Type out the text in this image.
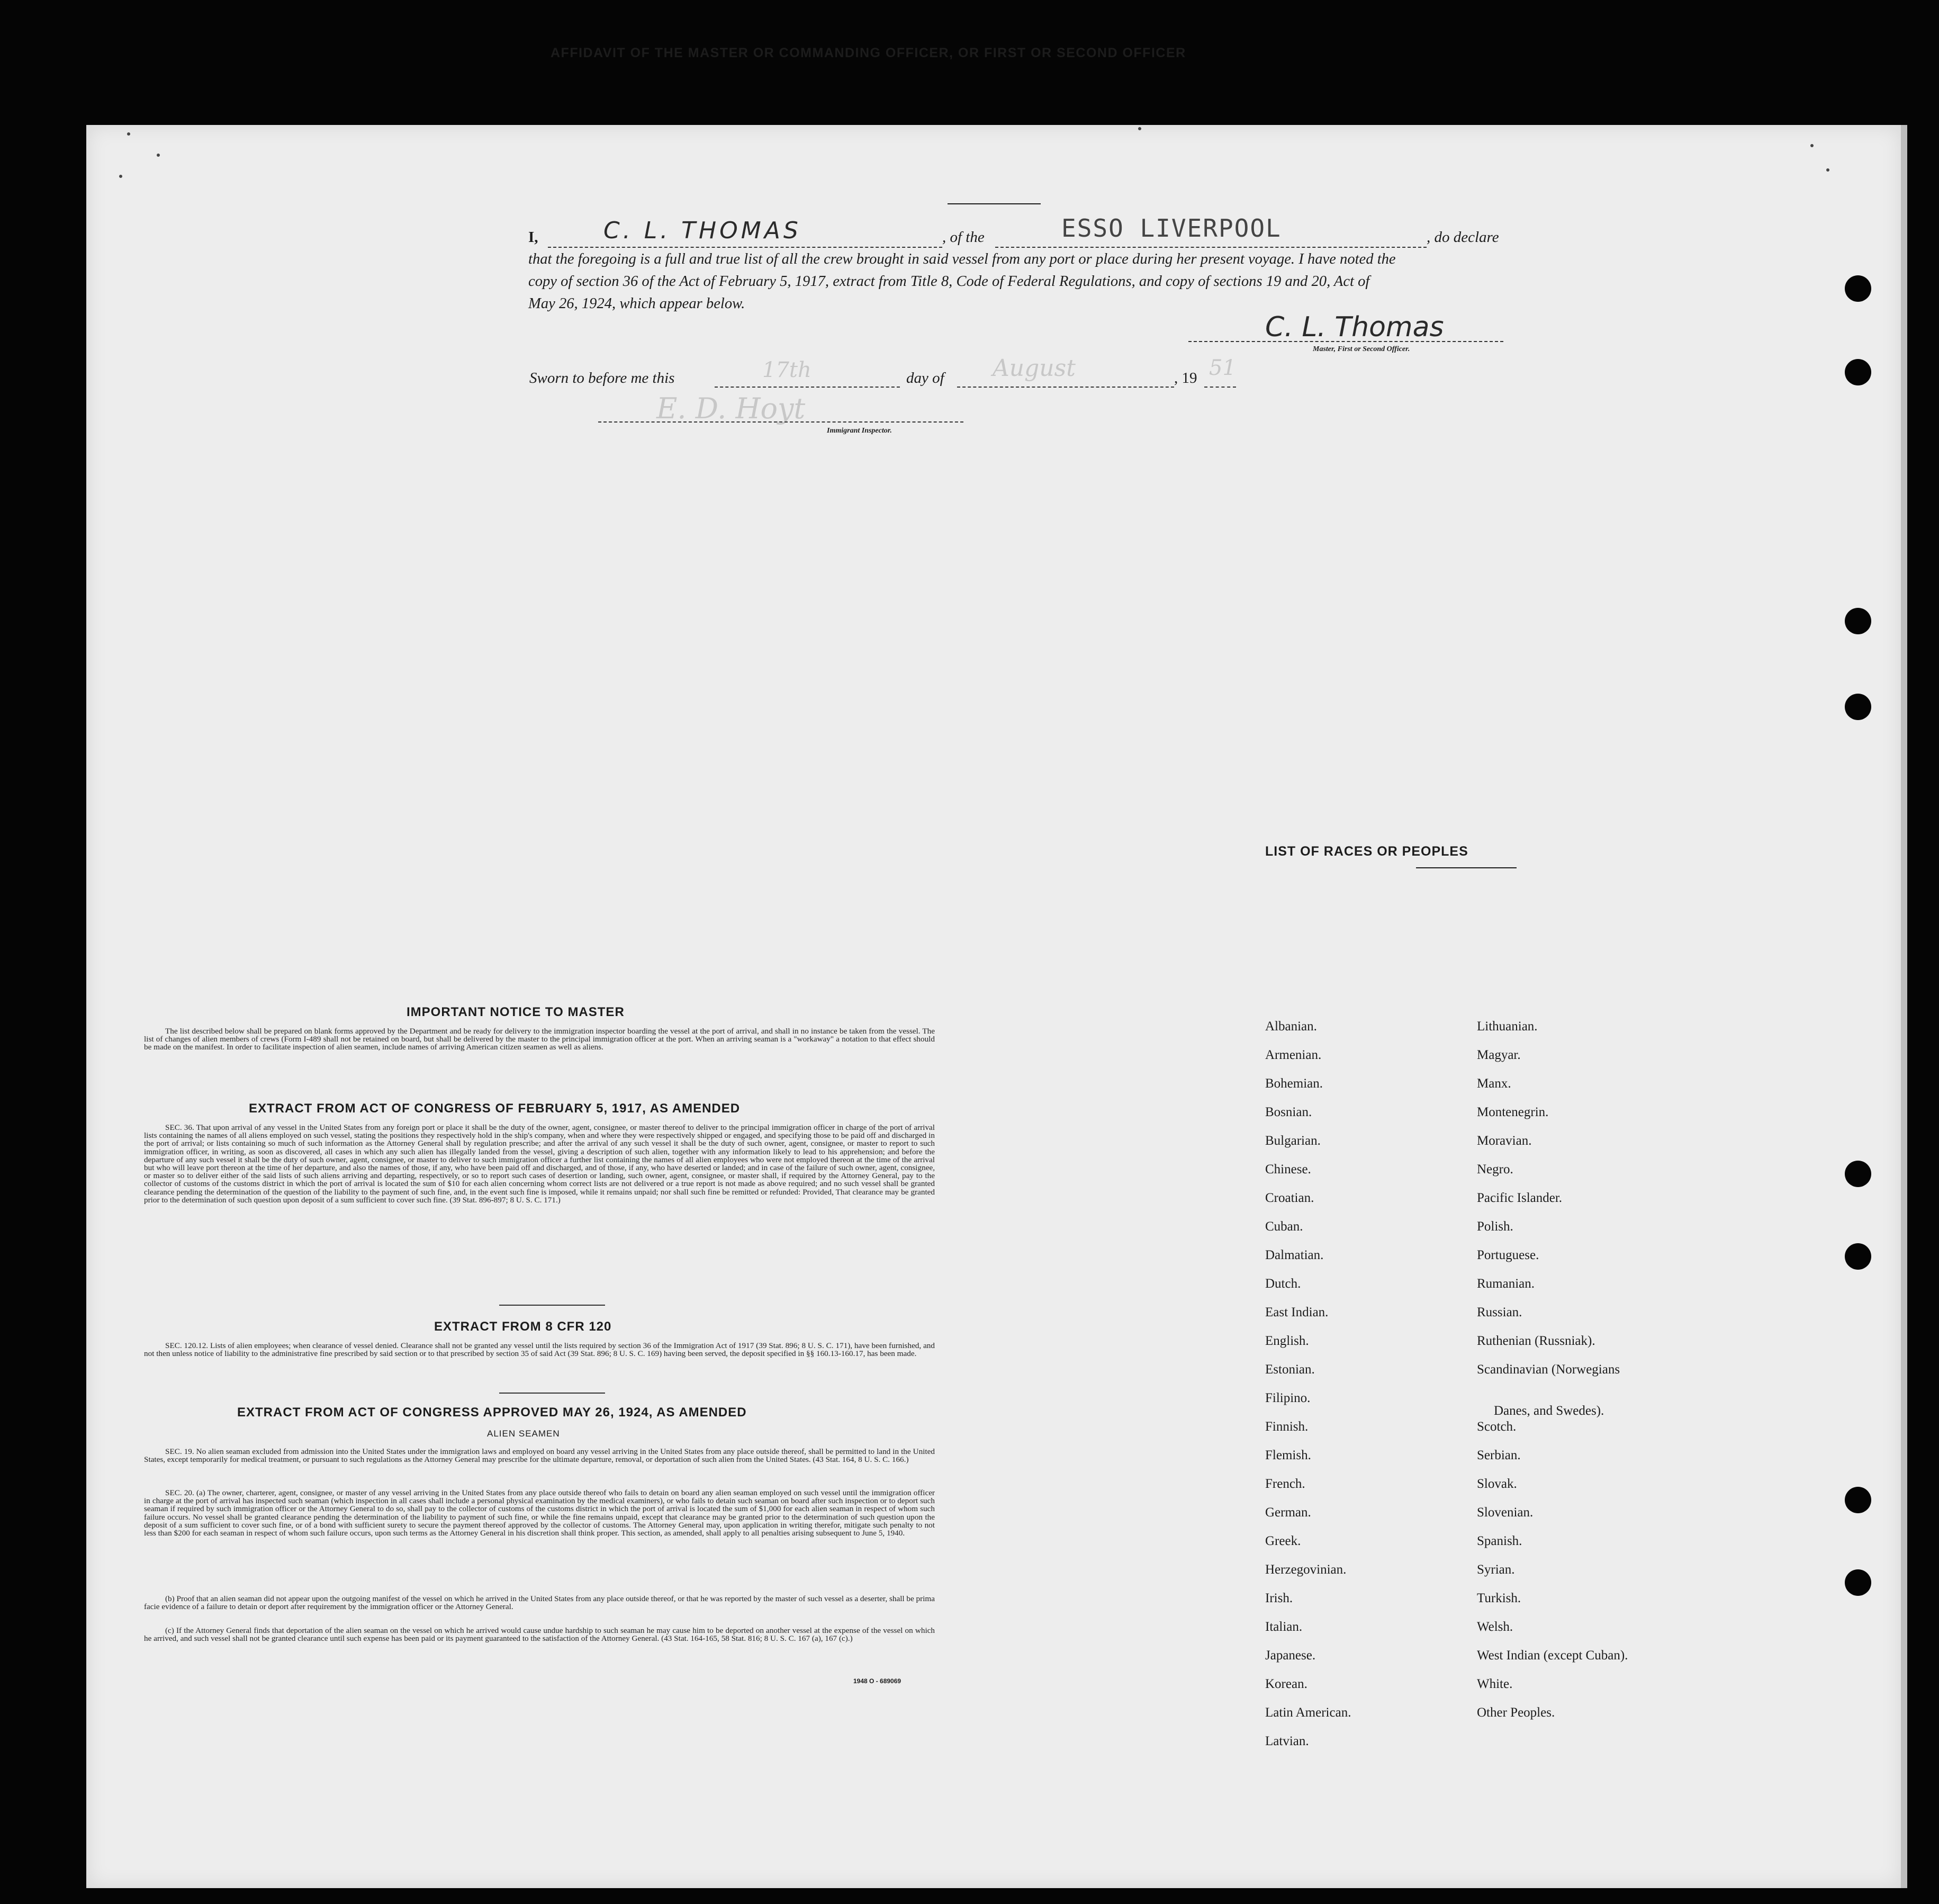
AFFIDAVIT OF THE MASTER OR COMMANDING OFFICER, OR FIRST OR SECOND OFFICER
I,	C. L. THOMAS	, of the	ESSO LIVERPOOL	, do declare
that the foregoing is a full and true list of all the crew brought in said vessel from any port or place during her present voyage. I have noted the
copy of section 36 of the Act of February 5, 1917, extract from Title 8, Code of Federal Regulations, and copy of sections 19 and 20, Act of
May 26, 1924, which appear below.
C. L. Thomas
Master, First or Second Officer.
Sworn to before me this	17th	day of August	, 19 51
E. D. Hoyt
Immigrant Inspector.
IMPORTANT NOTICE TO MASTER
The list described below shall be prepared on blank forms approved by the Department and be ready for delivery to the immigration inspector boarding the vessel at the port of arrival, and shall in no instance be taken from the vessel. The list of changes of alien members of crews (Form I-489 shall not be retained on board, but shall be delivered by the master to the principal immigration officer at the port. When an arriving seaman is a "workaway" a notation to that effect should be made on the manifest. In order to facilitate inspection of alien seamen, include names of arriving American citizen seamen as well as aliens.
EXTRACT FROM ACT OF CONGRESS OF FEBRUARY 5, 1917, AS AMENDED
SEC. 36. That upon arrival of any vessel in the United States from any foreign port or place it shall be the duty of the owner, agent, consignee, or master thereof to deliver to the principal immigration officer in charge of the port of arrival lists containing the names of all aliens employed on such vessel, stating the positions they respectively hold in the ship's company, when and where they were respectively shipped or engaged, and specifying those to be paid off and discharged in the port of arrival; or lists containing so much of such information as the Attorney General shall by regulation prescribe; and after the arrival of any such vessel it shall be the duty of such owner, agent, consignee, or master to report to such immigration officer, in writing, as soon as discovered, all cases in which any such alien has illegally landed from the vessel, giving a description of such alien, together with any information likely to lead to his apprehension; and before the departure of any such vessel it shall be the duty of such owner, agent, consignee, or master to deliver to such immigration officer a further list containing the names of all alien employees who were not employed thereon at the time of the arrival but who will leave port thereon at the time of her departure, and also the names of those, if any, who have been paid off and discharged, and of those, if any, who have deserted or landed; and in case of the failure of such owner, agent, consignee, or master so to deliver either of the said lists of such aliens arriving and departing, respectively, or so to report such cases of desertion or landing, such owner, agent, consignee, or master shall, if required by the Attorney General, pay to the collector of customs of the customs district in which the port of arrival is located the sum of $10 for each alien concerning whom correct lists are not delivered or a true report is not made as above required; and no such vessel shall be granted clearance pending the determination of the question of the liability to the payment of such fine, and, in the event such fine is imposed, while it remains unpaid; nor shall such fine be remitted or refunded: Provided, That clearance may be granted prior to the determination of such question upon deposit of a sum sufficient to cover such fine. (39 Stat. 896-897; 8 U. S. C. 171.)
EXTRACT FROM 8 CFR 120
SEC. 120.12. Lists of alien employees; when clearance of vessel denied. Clearance shall not be granted any vessel until the lists required by section 36 of the Immigration Act of 1917 (39 Stat. 896; 8 U. S. C. 171), have been furnished, and not then unless notice of liability to the administrative fine prescribed by said section or to that prescribed by section 35 of said Act (39 Stat. 896; 8 U. S. C. 169) having been served, the deposit specified in §§ 160.13-160.17, has been made.
EXTRACT FROM ACT OF CONGRESS APPROVED MAY 26, 1924, AS AMENDED
ALIEN SEAMEN
SEC. 19. No alien seaman excluded from admission into the United States under the immigration laws and employed on board any vessel arriving in the United States from any place outside thereof, shall be permitted to land in the United States, except temporarily for medical treatment, or pursuant to such regulations as the Attorney General may prescribe for the ultimate departure, removal, or deportation of such alien from the United States. (43 Stat. 164, 8 U. S. C. 166.)
SEC. 20. (a) The owner, charterer, agent, consignee, or master of any vessel arriving in the United States from any place outside thereof who fails to detain on board any alien seaman employed on such vessel until the immigration officer in charge at the port of arrival has inspected such seaman (which inspection in all cases shall include a personal physical examination by the medical examiners), or who fails to detain such seaman on board after such inspection or to deport such seaman if required by such immigration officer or the Attorney General to do so, shall pay to the collector of customs of the customs district in which the port of arrival is located the sum of $1,000 for each alien seaman in respect of whom such failure occurs. No vessel shall be granted clearance pending the determination of the liability to payment of such fine, or while the fine remains unpaid, except that clearance may be granted prior to the determination of such question upon the deposit of a sum sufficient to cover such fine, or of a bond with sufficient surety to secure the payment thereof approved by the collector of customs. The Attorney General may, upon application in writing therefor, mitigate such penalty to not less than $200 for each seaman in respect of whom such failure occurs, upon such terms as the Attorney General in his discretion shall think proper. This section, as amended, shall apply to all penalties arising subsequent to June 5, 1940.
(b) Proof that an alien seaman did not appear upon the outgoing manifest of the vessel on which he arrived in the United States from any place outside thereof, or that he was reported by the master of such vessel as a deserter, shall be prima facie evidence of a failure to detain or deport after requirement by the immigration officer or the Attorney General.
(c) If the Attorney General finds that deportation of the alien seaman on the vessel on which he arrived would cause undue hardship to such seaman he may cause him to be deported on another vessel at the expense of the vessel on which he arrived, and such vessel shall not be granted clearance until such expense has been paid or its payment guaranteed to the satisfaction of the Attorney General. (43 Stat. 164-165, 58 Stat. 816; 8 U. S. C. 167 (a), 167 (c).)
1948 O - 689069
LIST OF RACES OR PEOPLES
Albanian.
Armenian.
Bohemian.
Bosnian.
Bulgarian.
Chinese.
Croatian.
Cuban.
Dalmatian.
Dutch.
East Indian.
English.
Estonian.
Filipino.
Finnish.
Flemish.
French.
German.
Greek.
Herzegovinian.
Irish.
Italian.
Japanese.
Korean.
Latin American.
Latvian.
Lithuanian.
Magyar.
Manx.
Montenegrin.
Moravian.
Negro.
Pacific Islander.
Polish.
Portuguese.
Rumanian.
Russian.
Ruthenian (Russniak).
Scandinavian (Norwegians
Danes, and Swedes).
Scotch.
Serbian.
Slovak.
Slovenian.
Spanish.
Syrian.
Turkish.
Welsh.
West Indian (except Cuban).
White.
Other Peoples.
